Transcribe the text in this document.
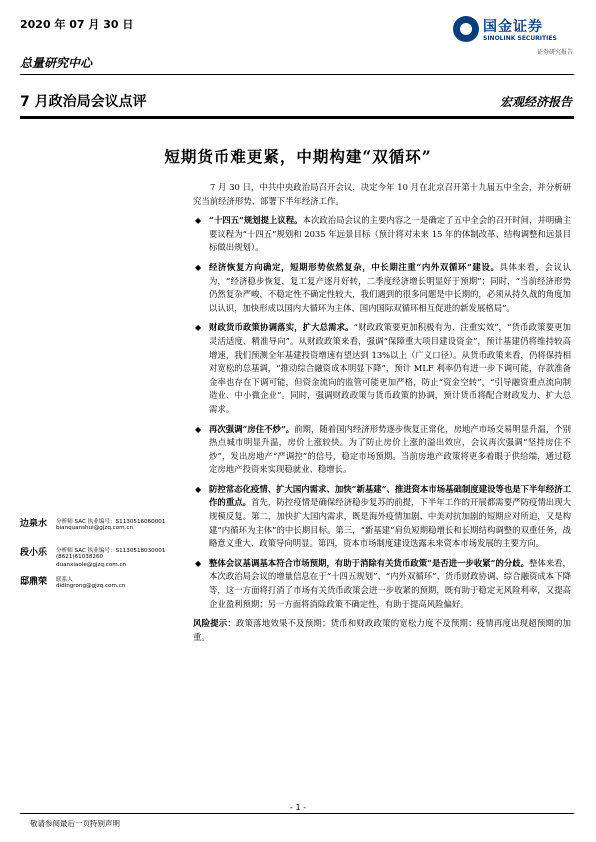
2020 年 07 月 30 日
总量研究中心
国金证券
SINOLINK SECURITIES
证券研究报告
7 月政治局会议点评	宏观经济报告
短期货币难更紧，中期构建“双循环”

7 月 30 日，中共中央政治局召开会议，决定今年 10 月在北京召开第十九届五中全会，并分析研究当前经济形势、部署下半年经济工作。

◆ “十四五”规划提上议程。本次政治局会议的主要内容之一是确定了五中全会的召开时间，并明确主要议程为“十四五”规划和 2035 年远景目标（预计将对未来 15 年的体制改革、结构调整和远景目标做出规划）。
◆ 经济恢复方向确定，短期形势依然复杂，中长期注重“内外双循环”建设。具体来看，会议认为，“经济稳步恢复，复工复产逐月好转，二季度经济增长明显好于预期”；同时，“当前经济形势仍然复杂严峻，不稳定性不确定性较大，我们遇到的很多问题是中长期的，必须从持久战的角度加以认识，加快形成以国内大循环为主体、国内国际双循环相互促进的新发展格局”。
◆ 财政货币政策协调落实，扩大总需求。“财政政策要更加积极有为、注重实效”，“货币政策要更加灵活适度、精准导向”。从财政政策来看，强调“保障重大项目建设资金”，预计基建仍将维持较高增速，我们预测全年基建投资增速有望达到 13%以上（广义口径）。从货币政策来看，仍将保持相对宽松的总基调，“推动综合融资成本明显下降”，预计 MLF 利率仍有进一步下调可能，存款准备金率也存在下调可能，但资金流向的监管可能更加严格，防止“资金空转”，“引导融资重点流向制造业、中小微企业”。同时，强调财政政策与货币政策的协调，预计货币将配合财政发力、扩大总需求。
◆ 再次强调“房住不炒”。前期，随着国内经济形势逐步恢复正常化，房地产市场交易明显升温，个别热点城市明显升温，房价上涨较快。为了防止房价上涨的溢出效应，会议再次强调“坚持房住不炒”，发出房地产“严调控”的信号，稳定市场预期。当前房地产政策将更多着眼于供给端，通过稳定房地产投资来实现稳就业、稳增长。
◆ 防控常态化疫情、扩大国内需求、加快“新基建”、推进资本市场基础制度建设等也是下半年经济工作的重点。首先，防控疫情是确保经济稳步复苏的前提，下半年工作的开展都需要严防疫情出现大规模反复。第二，加快扩大国内需求，既是海外疫情加剧、中美对抗加剧的短期应对所迫，又是构建“内循环为主体”的中长期目标。第三，“新基建”肩负短期稳增长和长期结构调整的双重任务，战略意义重大、政策导向明显。第四，资本市场制度建设迭露未来资本市场发展的主要方向。
◆ 整体会议基调基本符合市场预期，有助于消除有关货币政策“是否进一步收紧”的分歧。整体来看，本次政治局会议的增量信息在于“十四五规划”、“内外双循环”、货币财政协调、综合融资成本下降等，这一方面将打消了市场有关货币政策会进一步收紧的预期，既有助于稳定无风险利率，又提高企业盈利预期；另一方面将消除政策不确定性，有助于提高风险偏好。

风险提示：政策落地效果不及预期；货币和财政政策的宽松力度不及预期；疫情再度出现超预期的加重。

边泉水 分析师 SAC 执业编号：S1130516060001
bianquanshui@gjzq.com.cn
段小乐 分析师 SAC 执业编号：S1130518030001
(8621)61038260
duanxiaole@gjzq.com.cn
邸鼎荣 联系人
didingrong@gjzq.com.cn
- 1 -
敬请参阅最后一页特别声明
